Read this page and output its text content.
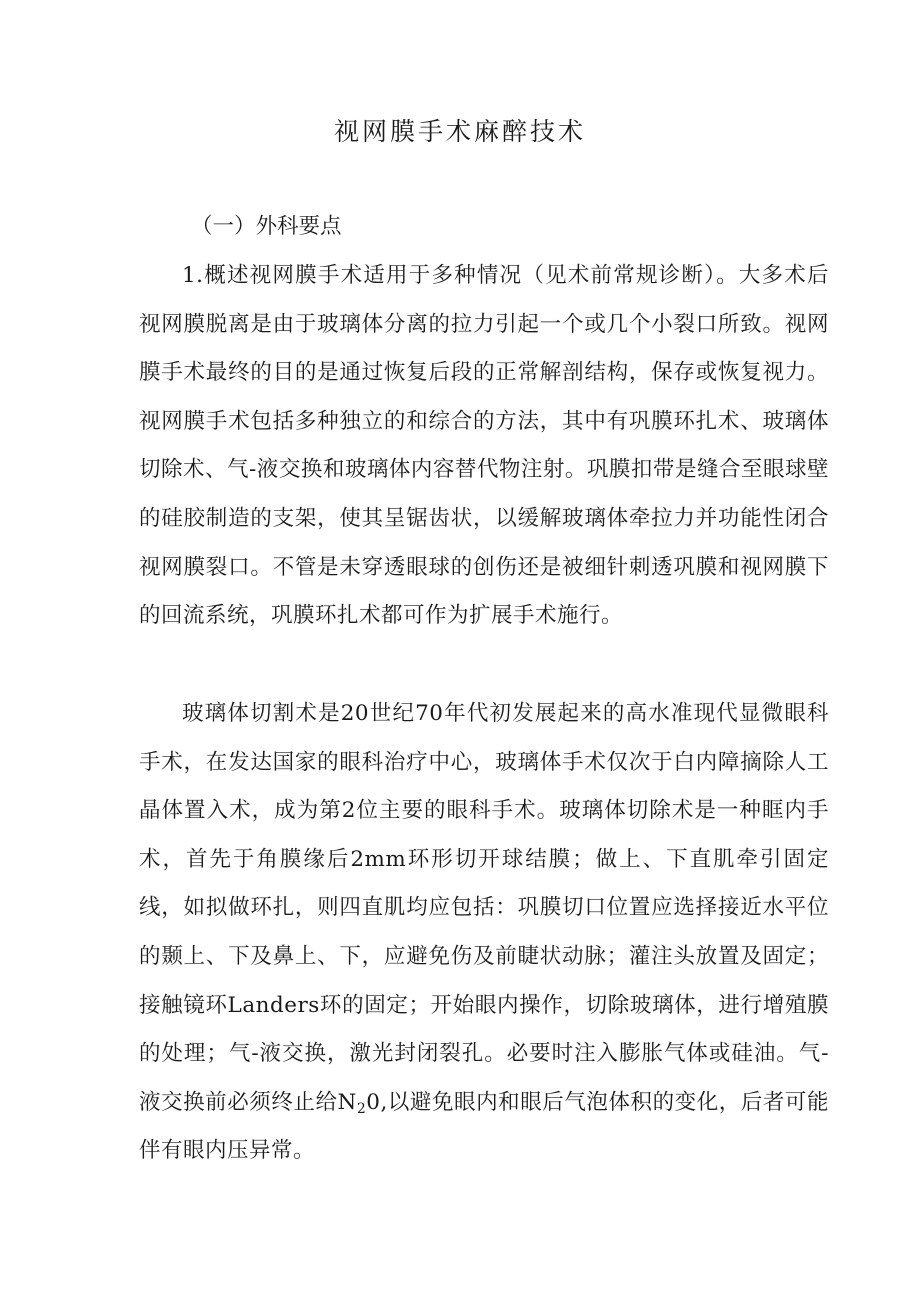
视网膜手术麻醉技术
（一）外科要点
1.概述视网膜手术适用于多种情况（见术前常规诊断）。大多术后视网膜脱离是由于玻璃体分离的拉力引起一个或几个小裂口所致。视网膜手术最终的目的是通过恢复后段的正常解剖结构，保存或恢复视力。视网膜手术包括多种独立的和综合的方法，其中有巩膜环扎术、玻璃体切除术、气-液交换和玻璃体内容替代物注射。巩膜扣带是缝合至眼球壁的硅胶制造的支架，使其呈锯齿状，以缓解玻璃体牵拉力并功能性闭合视网膜裂口。不管是未穿透眼球的创伤还是被细针刺透巩膜和视网膜下的回流系统，巩膜环扎术都可作为扩展手术施行。
玻璃体切割术是20世纪70年代初发展起来的高水准现代显微眼科手术，在发达国家的眼科治疗中心，玻璃体手术仅次于白内障摘除人工晶体置入术，成为第2位主要的眼科手术。玻璃体切除术是一种眶内手术，首先于角膜缘后2mm环形切开球结膜；做上、下直肌牵引固定线，如拟做环扎，则四直肌均应包括：巩膜切口位置应选择接近水平位的颞上、下及鼻上、下，应避免伤及前睫状动脉；灌注头放置及固定；接触镜环Landers环的固定；开始眼内操作，切除玻璃体，进行增殖膜的处理；气-液交换，激光封闭裂孔。必要时注入膨胀气体或硅油。气-液交换前必须终止给$N_20$,以避免眼内和眼后气泡体积的变化，后者可能伴有眼内压异常。
